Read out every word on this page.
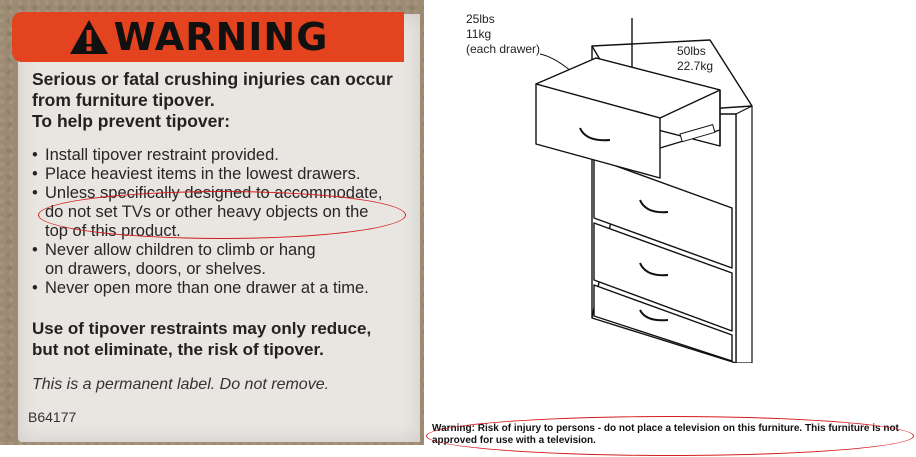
WARNING
Serious or fatal crushing injuries can occur
from furniture tipover.
To help prevent tipover:
• Install tipover restraint provided.
• Place heaviest items in the lowest drawers.
• Unless specifically designed to accommodate,
do not set TVs or other heavy objects on the
top of this product.
• Never allow children to climb or hang
on drawers, doors, or shelves.
• Never open more than one drawer at a time.
Use of tipover restraints may only reduce,
but not eliminate, the risk of tipover.
This is a permanent label. Do not remove.
B64177
25lbs
11kg
(each drawer)	50lbs
22.7kg
Warning: Risk of injury to persons - do not place a television on this furniture. This furniture is not approved for use with a television.
